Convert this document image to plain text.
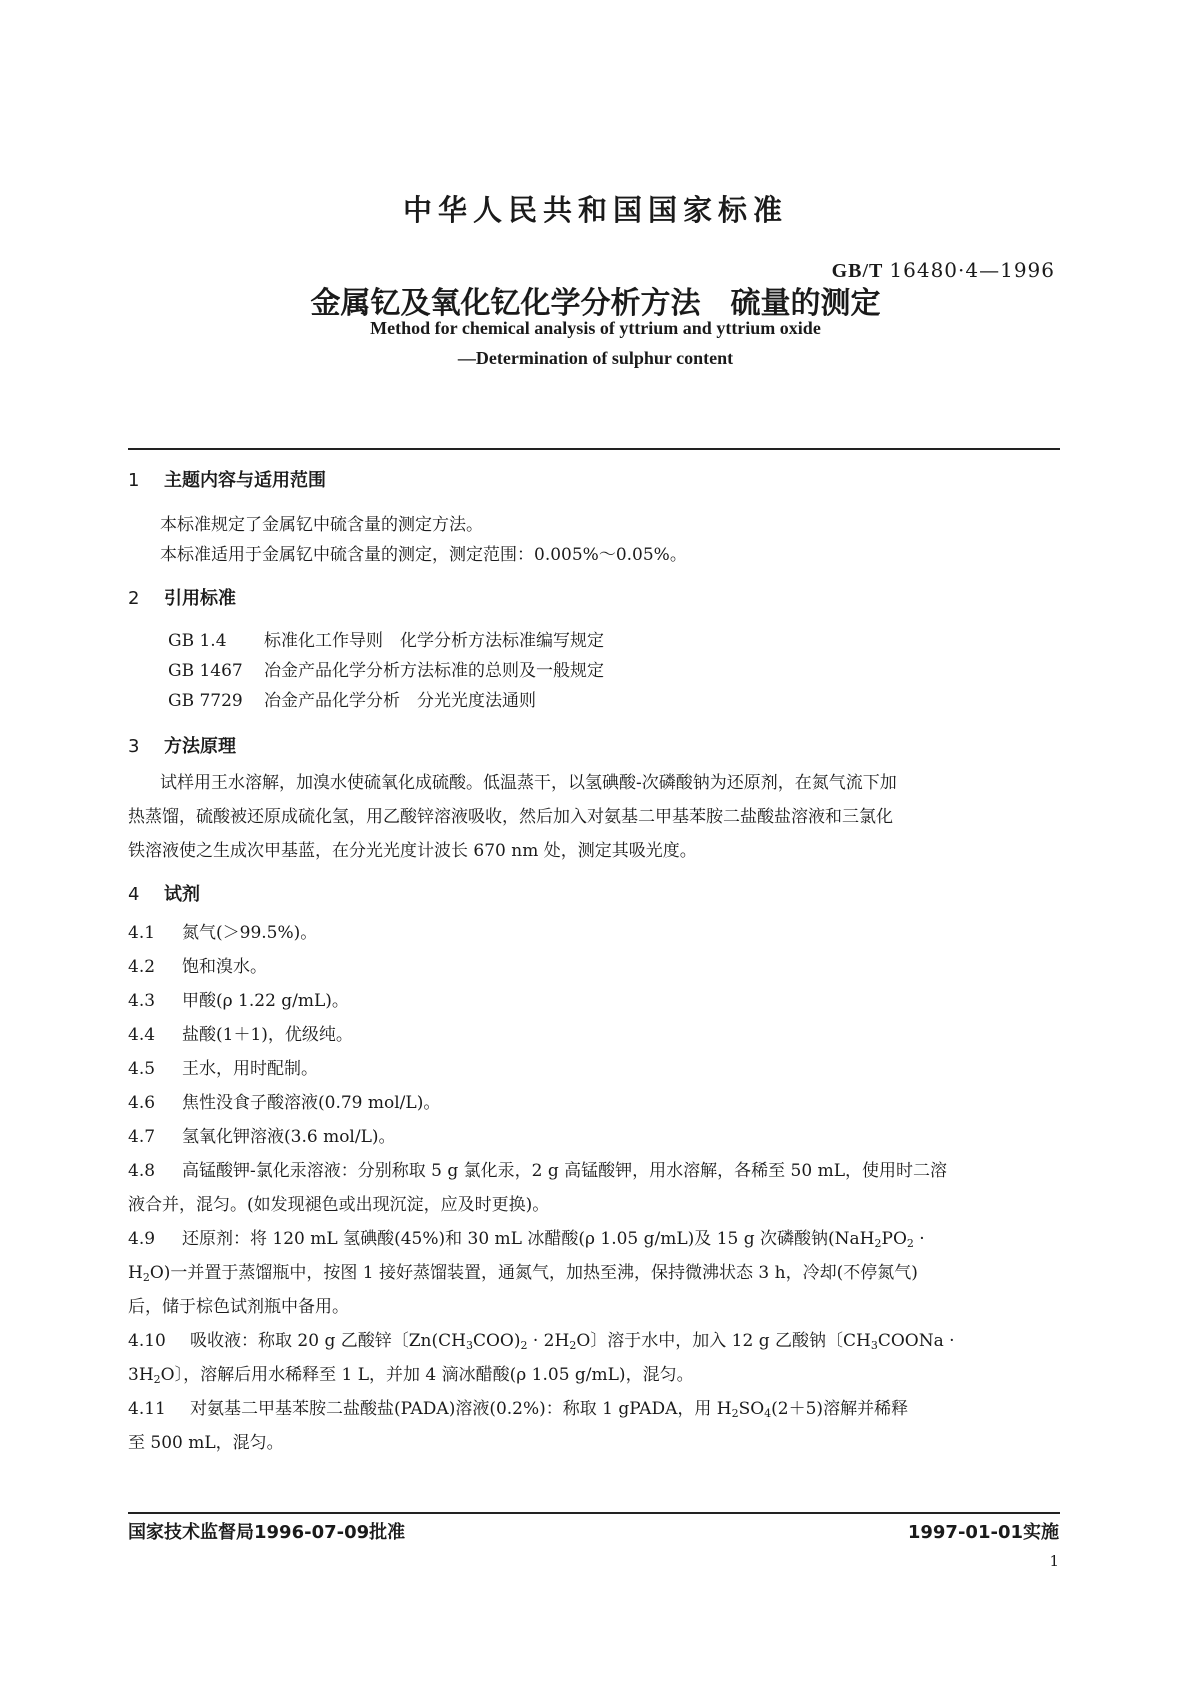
中华人民共和国国家标准
GB/T 16480·4—1996
金属钇及氧化钇化学分析方法 硫量的测定
Method for chemical analysis of yttrium and yttrium oxide
—Determination of sulphur content
1 主题内容与适用范围
本标准规定了金属钇中硫含量的测定方法。
本标准适用于金属钇中硫含量的测定，测定范围：0.005%～0.05%。
2 引用标准
GB 1.4 标准化工作导则　化学分析方法标准编写规定
GB 1467 冶金产品化学分析方法标准的总则及一般规定
GB 7729 冶金产品化学分析　分光光度法通则
3 方法原理

试样用王水溶解，加溴水使硫氧化成硫酸。低温蒸干，以氢碘酸-次磷酸钠为还原剂，在氮气流下加

热蒸馏，硫酸被还原成硫化氢，用乙酸锌溶液吸收，然后加入对氨基二甲基苯胺二盐酸盐溶液和三氯化

铁溶液使之生成次甲基蓝，在分光光度计波长 670 nm 处，测定其吸光度。

4 试剂
4.1 氮气(＞99.5%)。
4.2 饱和溴水。
4.3 甲酸(ρ 1.22 g/mL)。
4.4 盐酸(1＋1)，优级纯。
4.5 王水，用时配制。
4.6 焦性没食子酸溶液(0.79 mol/L)。
4.7 氢氧化钾溶液(3.6 mol/L)。
4.8 高锰酸钾-氯化汞溶液：分别称取 5 g 氯化汞，2 g 高锰酸钾，用水溶解，各稀至 50 mL，使用时二溶
液合并，混匀。(如发现褪色或出现沉淀，应及时更换)。
4.9 还原剂：将 120 mL 氢碘酸(45%)和 30 mL 冰醋酸(ρ 1.05 g/mL)及 15 g 次磷酸钠($NaH_2PO_2$ ·
$H_2O$)一并置于蒸馏瓶中，按图 1 接好蒸馏装置，通氮气，加热至沸，保持微沸状态 3 h，冷却(不停氮气)
后，储于棕色试剂瓶中备用。
4.10 吸收液：称取 20 g 乙酸锌〔$Zn(CH_3COO)_2 \cdot 2H_2O$〕溶于水中，加入 12 g 乙酸钠〔$CH_3COONa$ ·
$3H_2O$〕，溶解后用水稀释至 1 L，并加 4 滴冰醋酸(ρ 1.05 g/mL)，混匀。
4.11 对氨基二甲基苯胺二盐酸盐(PADA)溶液(0.2%)：称取 1 gPADA，用 $H_2SO_4(2+5)$溶解并稀释
至 500 mL，混匀。
国家技术监督局1996-07-09批准	1997-01-01实施
1
